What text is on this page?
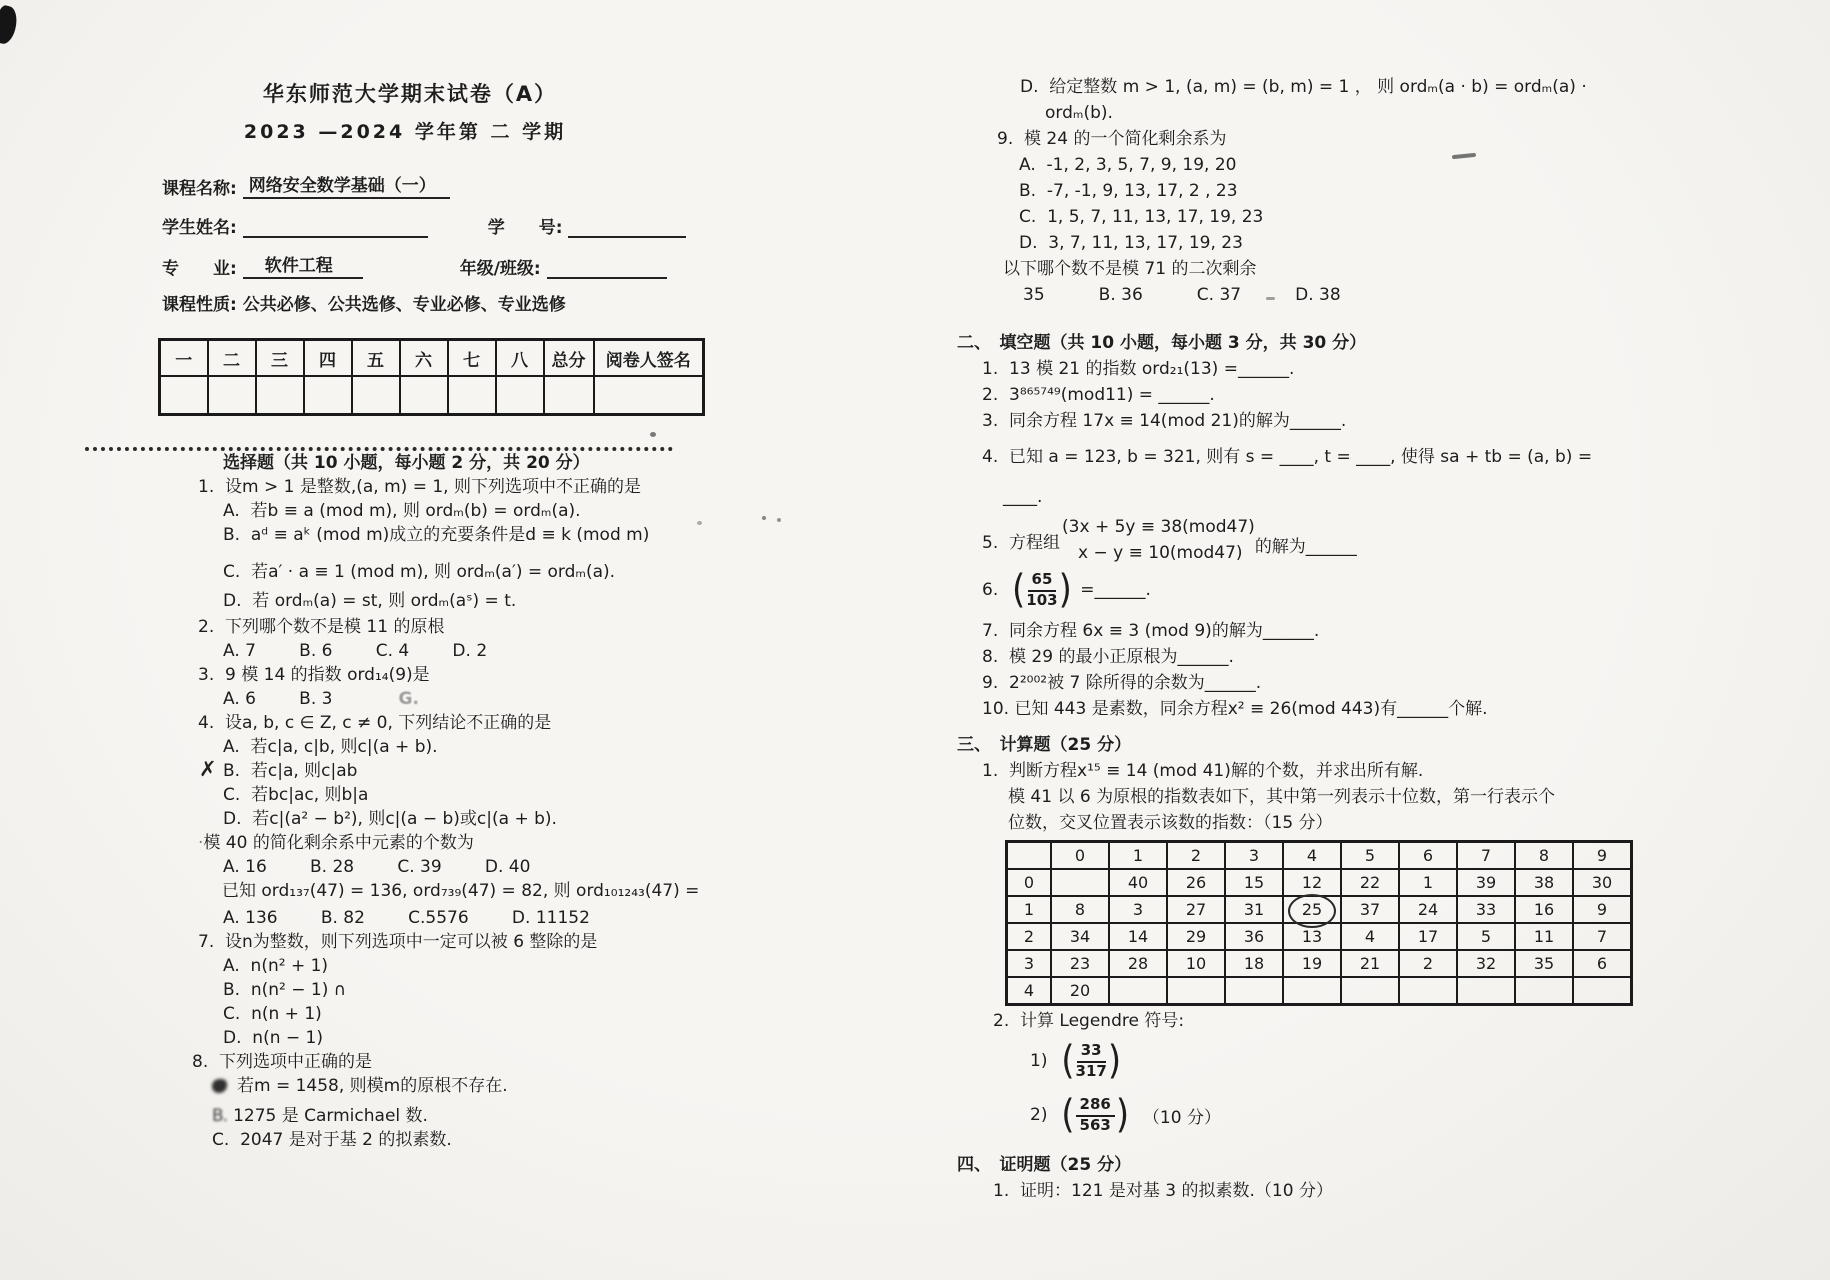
华东师范大学期末试卷（A）
2023 —2024 学年第 二 学期
课程名称: 网络安全数学基础（一）
学生姓名:	学　　号:
专　　业:	软件工程	年级/班级:
课程性质: 公共必修、公共选修、专业必修、专业选修
一	二	三	四	五	六	七	八	总分	阅卷人签名

选择题（共 10 小题，每小题 2 分，共 20 分）
1.  设m > 1 是整数,(a, m) = 1, 则下列选项中不正确的是
A.  若b ≡ a (mod m), 则 ordₘ(b) = ordₘ(a).
B.  aᵈ ≡ aᵏ (mod m)成立的充要条件是d ≡ k (mod m)
C.  若a′ · a ≡ 1 (mod m), 则 ordₘ(a′) = ordₘ(a).
D.  若 ordₘ(a) = st, 则 ordₘ(aˢ) = t.
2.  下列哪个数不是模 11 的原根
A. 7        B. 6        C. 4        D. 2
3.  9 模 14 的指数 ord₁₄(9)是
A. 6        B. 3	G.
4.  设a, b, c ∈ Z, c ≠ 0, 下列结论不正确的是
A.  若c|a, c|b, 则c|(a + b).
✗ B.  若c|a, 则c|ab
C.  若bc|ac, 则b|a
D.  若c|(a² − b²), 则c|(a − b)或c|(a + b).
·模 40 的简化剩余系中元素的个数为
A. 16        B. 28        C. 39        D. 40
已知 ord₁₃₇(47) = 136, ord₇₃₉(47) = 82, 则 ord₁₀₁₂₄₃(47) =
A. 136        B. 82        C.5576        D. 11152
7.  设n为整数，则下列选项中一定可以被 6 整除的是
A.  n(n² + 1)
B.  n(n² − 1) ∩
C.  n(n + 1)
D.  n(n − 1)
8.  下列选项中正确的是
若m = 1458, 则模m的原根不存在.
B. 1275 是 Carmichael 数.
C.  2047 是对于基 2 的拟素数.
D.  给定整数 m > 1, (a, m) = (b, m) = 1 ， 则 ordₘ(a · b) = ordₘ(a) ·
ordₘ(b).
9.  模 24 的一个简化剩余系为
A.  -1, 2, 3, 5, 7, 9, 19, 20
B.  -7, -1, 9, 13, 17, 2 , 23
C.  1, 5, 7, 11, 13, 17, 19, 23
D.  3, 7, 11, 13, 17, 19, 23
以下哪个数不是模 71 的二次剩余
35          B. 36          C. 37          D. 38
二、　填空题（共 10 小题，每小题 3 分，共 30 分）
1.  13 模 21 的指数 ord₂₁(13) =______.
2.  3⁸⁶⁵⁷⁴⁹(mod11) = ______.
3.  同余方程 17x ≡ 14(mod 21)的解为______.
4.  已知 a = 123, b = 321, 则有 s = ____, t = ____, 使得 sa + tb = (a, b) =
____.
5.  方程组
(3x + 5y ≡ 38(mod47)
x − y ≡ 10(mod47) 的解为______
6. ( $\frac{65}{103}$ ) =______.
7.  同余方程 6x ≡ 3 (mod 9)的解为______.
8.  模 29 的最小正原根为______.
9.  2²⁰⁰²被 7 除所得的余数为______.
10. 已知 443 是素数，同余方程x² ≡ 26(mod 443)有______个解.
三、　计算题（25 分）
1.  判断方程x¹⁵ ≡ 14 (mod 41)解的个数，并求出所有解.
模 41 以 6 为原根的指数表如下，其中第一列表示十位数，第一行表示个
位数，交叉位置表示该数的指数：（15 分）
	0	1	2	3	4	5	6	7	8	9
0		40	26	15	12	22	1	39	38	30
1	8	3	27	31	25	37	24	33	16	9
2	34	14	29	36	13	4	17	5	11	7
3	23	28	10	18	19	21	2	32	35	6
4	20									
2.  计算 Legendre 符号:
1) ( $\frac{33}{317}$ )
2) ( $\frac{286}{563}$ ) （10 分）
四、　证明题（25 分）
1.  证明：121 是对基 3 的拟素数.（10 分）
